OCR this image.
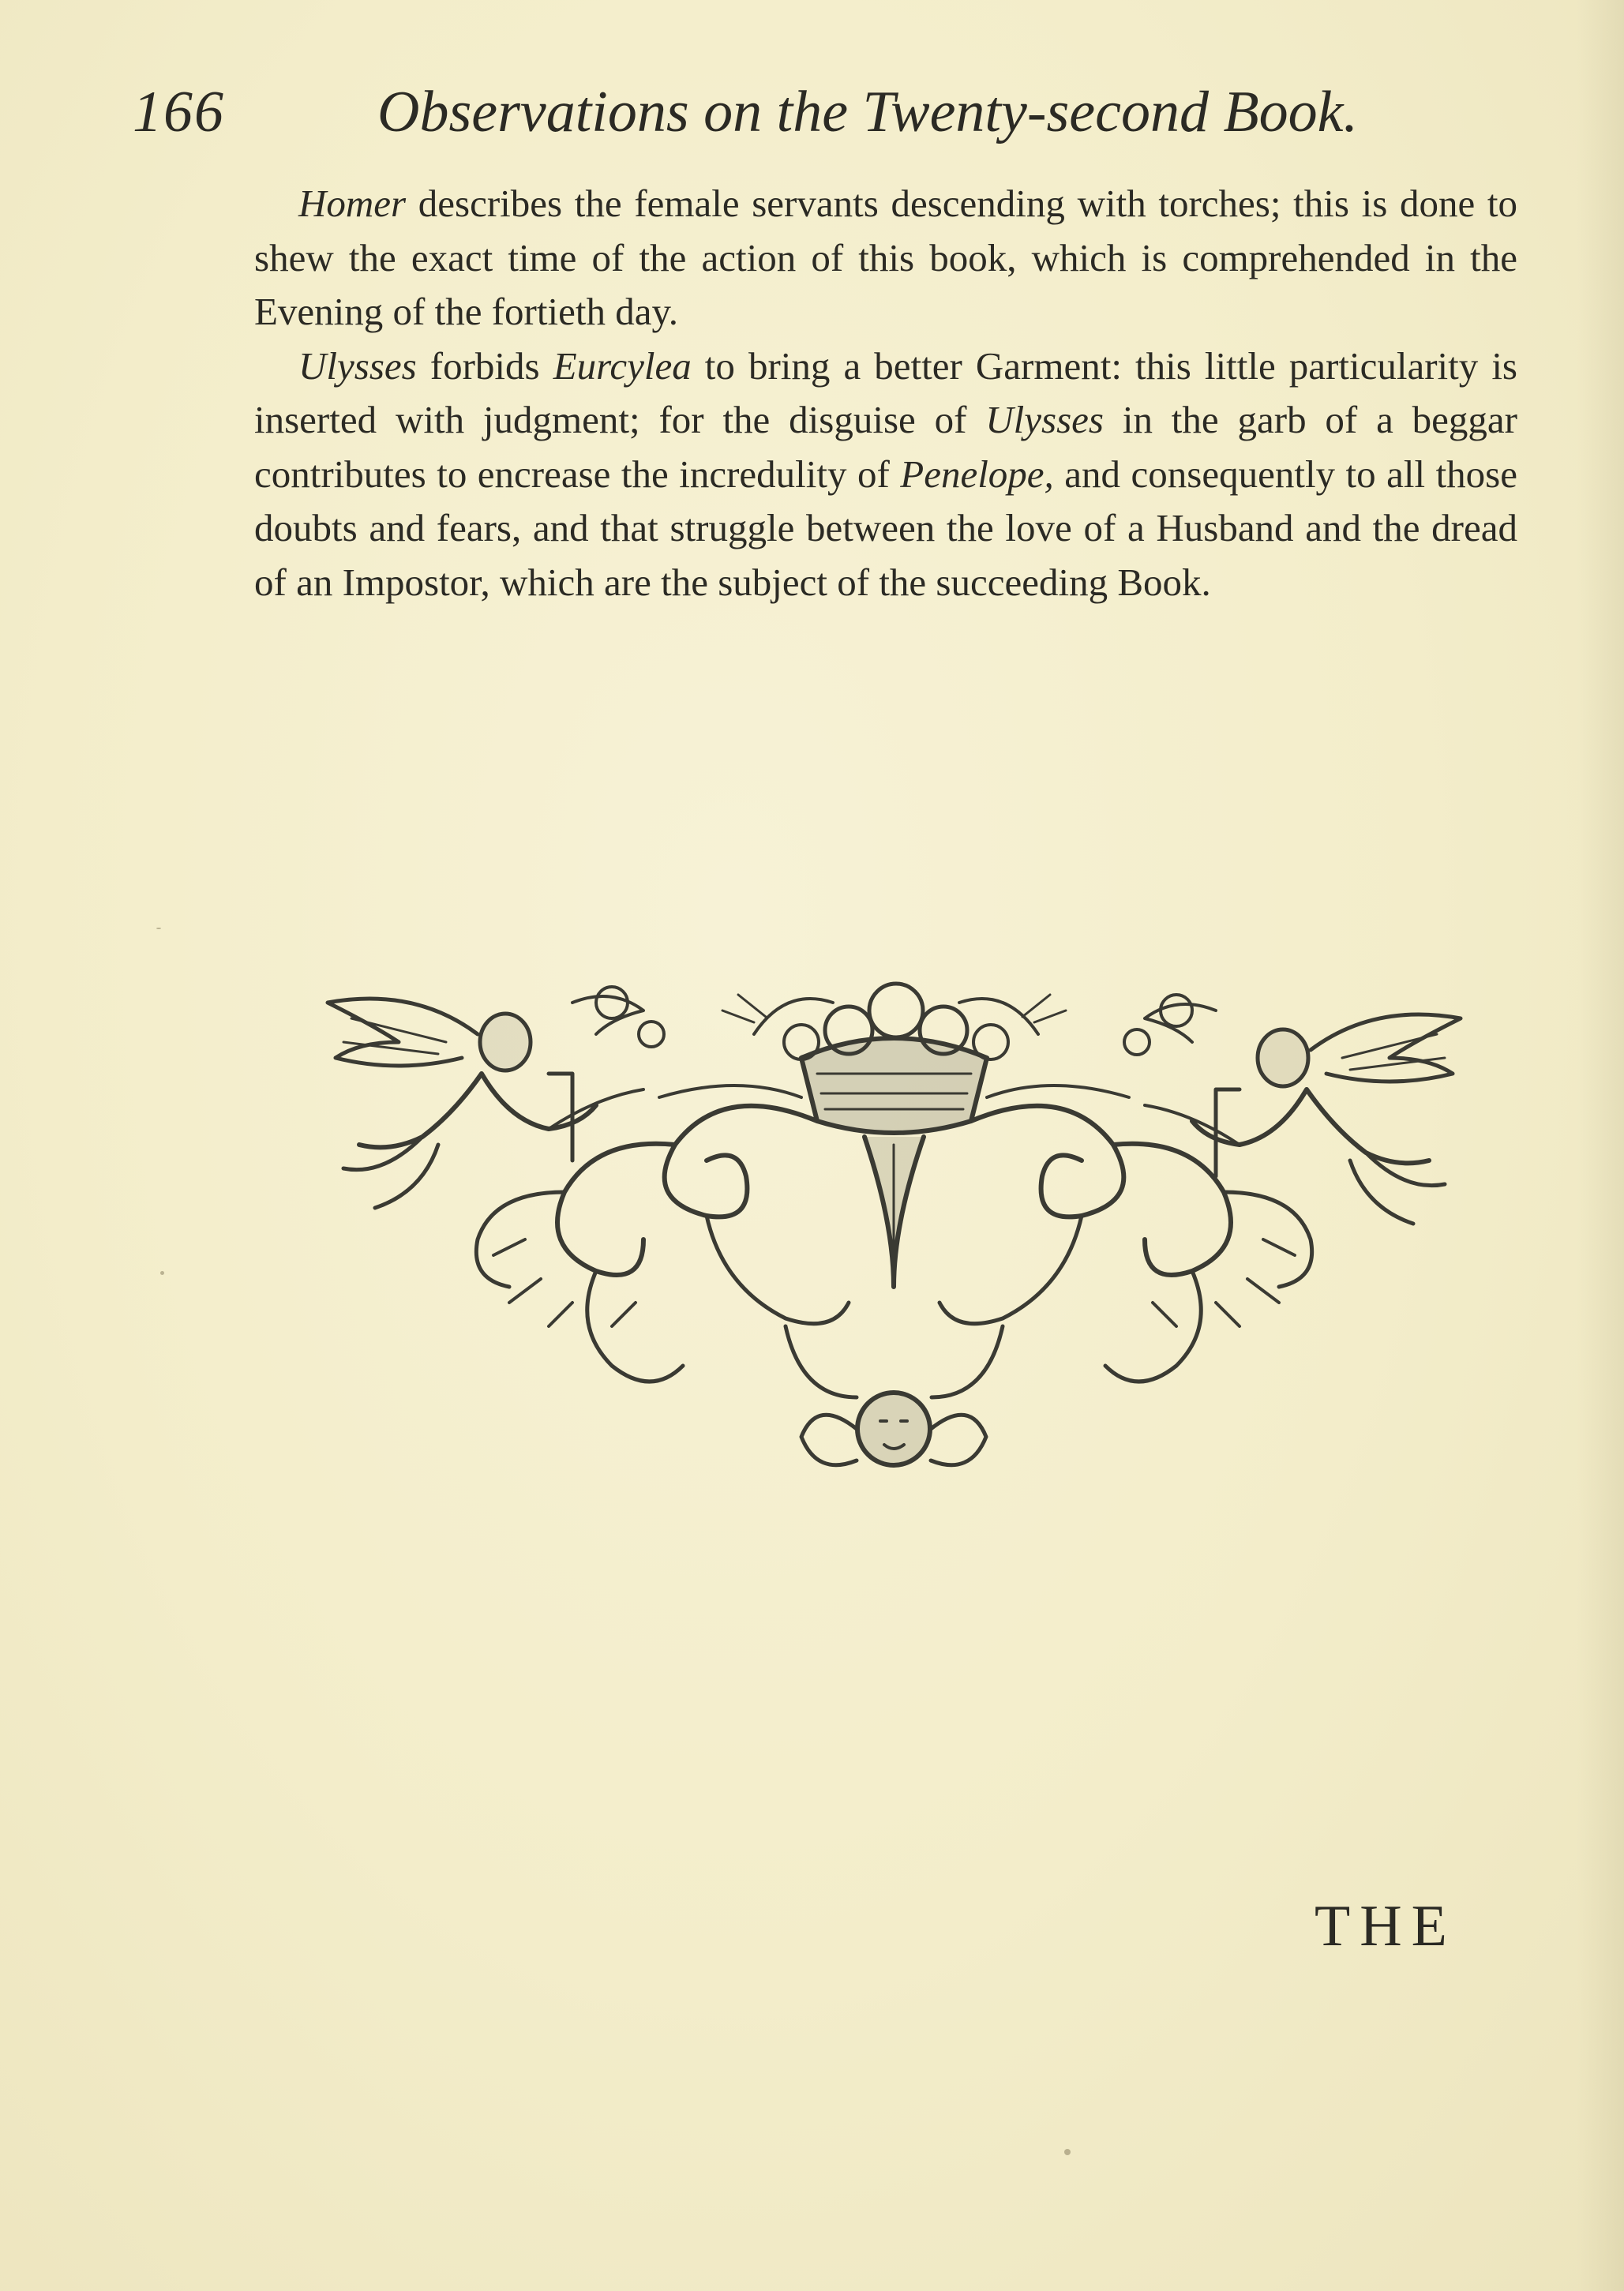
166	Observations on the Twenty-second Book.

Homer describes the female servants descending with torches; this is done to shew the exact time of the action of this book, which is comprehended in the Evening of the fortieth day.

Ulysses forbids Eurcylea to bring a better Garment: this little particularity is inserted with judgment; for the disguise of Ulysses in the garb of a beggar contributes to encrease the incredulity of Penelope, and consequently to all those doubts and fears, and that struggle between the love of a Husband and the dread of an Impostor, which are the subject of the succeeding Book.

THE
